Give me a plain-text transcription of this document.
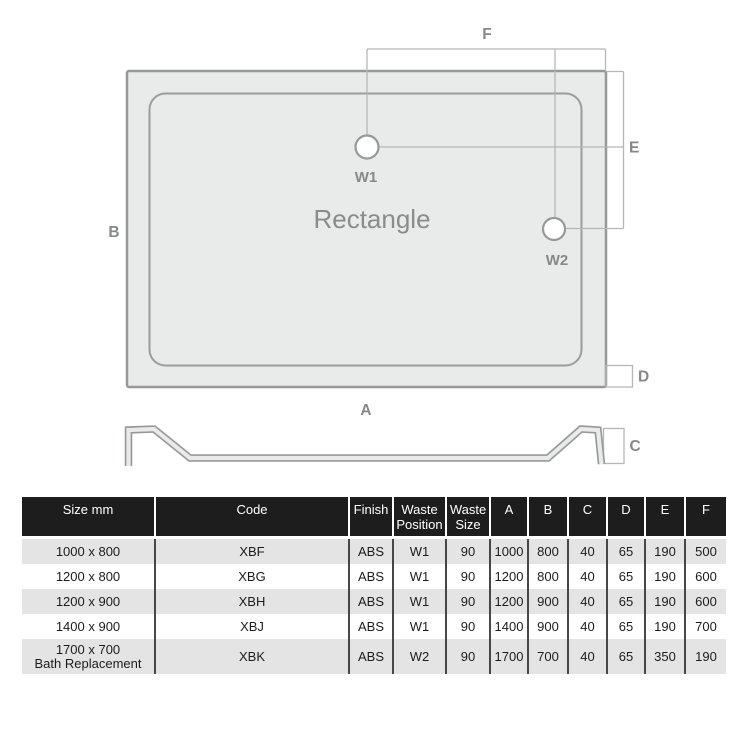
F
B
E
D
C
A
W1
W2
Rectangle
Size mm	Code	Finish	Waste Position	Waste Size	A	B	C	D	E	F

1000 x 800	XBF	ABS	W1	90	1000	800	40	65	190	500

1200 x 800	XBG	ABS	W1	90	1200	800	40	65	190	600

1200 x 900	XBH	ABS	W1	90	1200	900	40	65	190	600

1400 x 900	XBJ	ABS	W1	90	1400	900	40	65	190	700

1700 x 700
Bath Replacement	XBK	ABS	W2	90	1700	700	40	65	350	190
